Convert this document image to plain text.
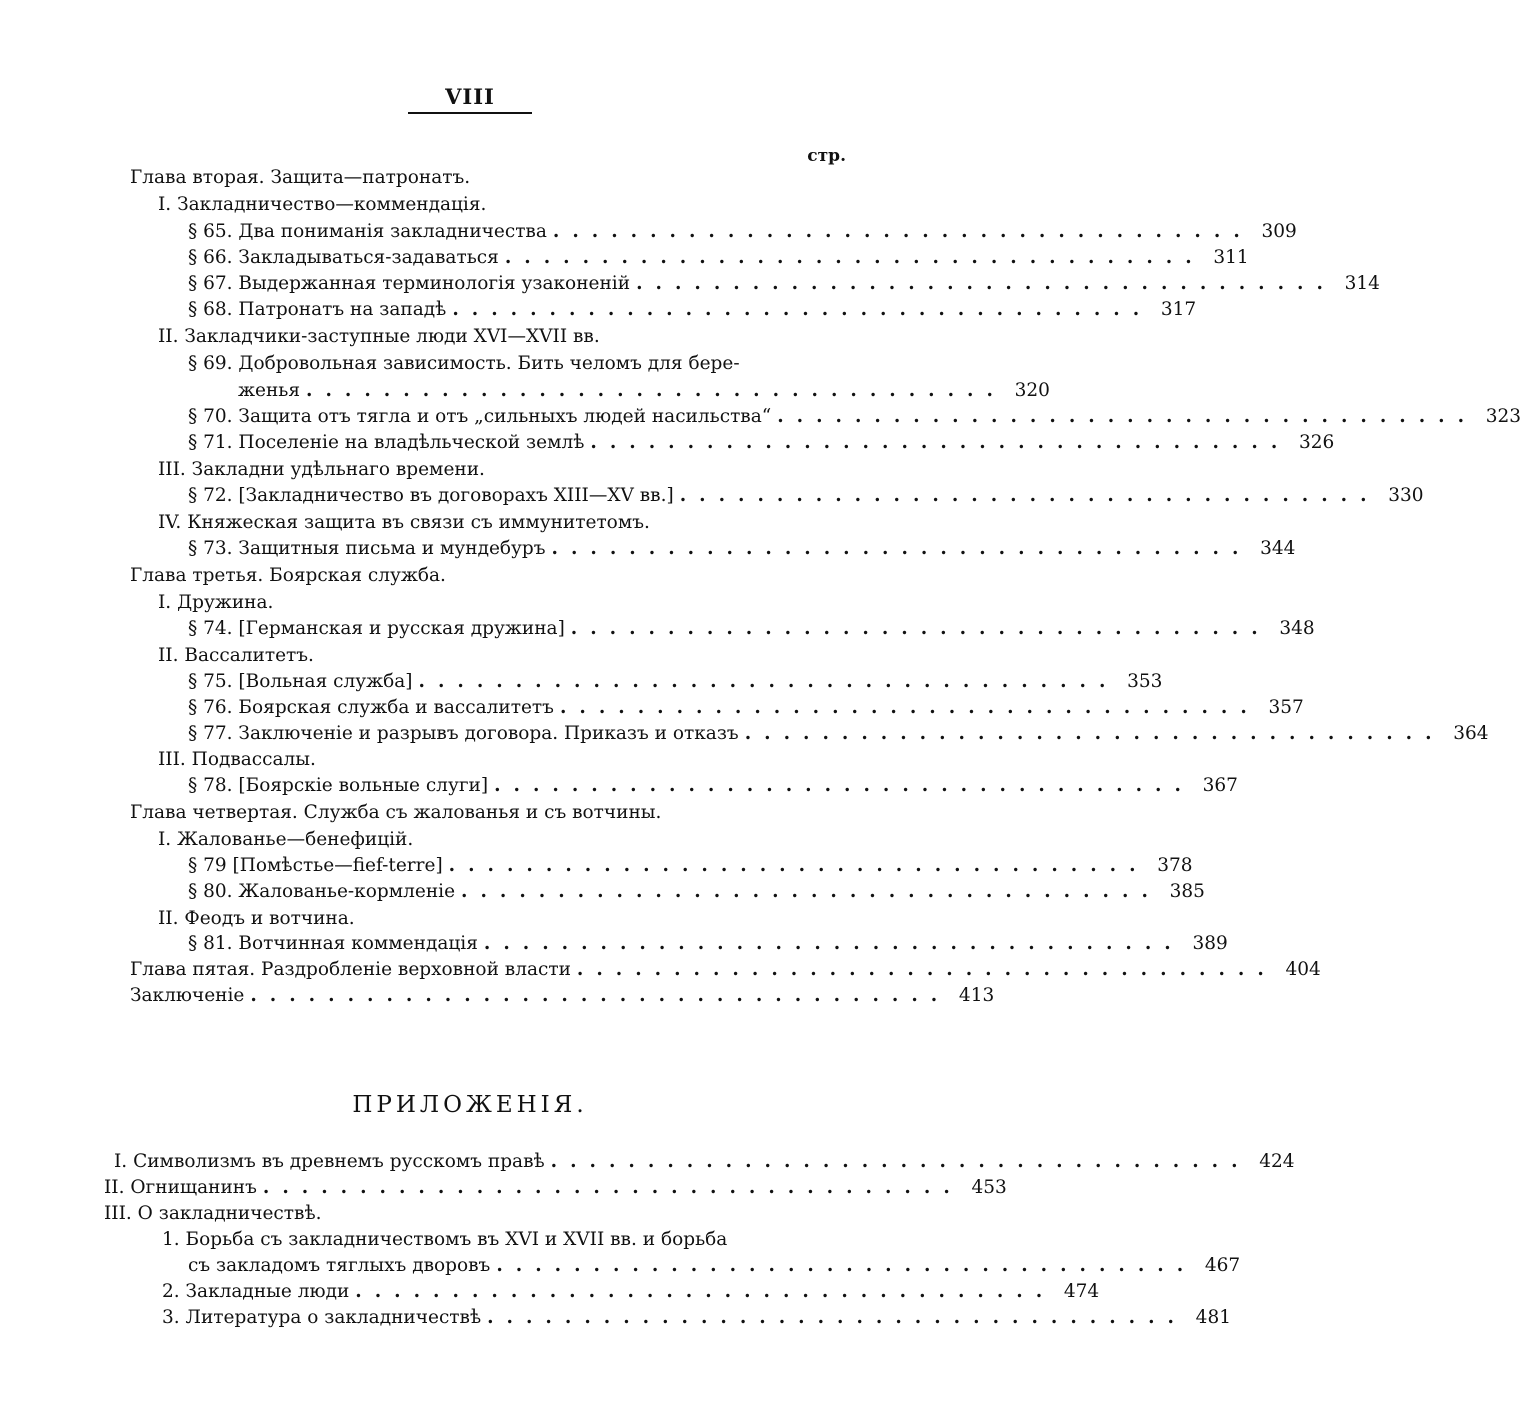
VIII
стр.
Глава вторая. Защита—патронатъ.
I. Закладничество—коммендація.
§ 65. Два пониманія закладничества .................................... 309
§ 66. Закладываться-задаваться .................................... 311
§ 67. Выдержанная терминологія узаконеній .................................... 314
§ 68. Патронатъ на западѣ .................................... 317
II. Закладчики-заступные люди XVI—XVII вв.
§ 69. Добровольная зависимость. Бить челомъ для бере-
женья .................................... 320
§ 70. Защита отъ тягла и отъ „сильныхъ людей насильства“ .................................... 323
§ 71. Поселеніе на владѣльческой землѣ .................................... 326
III. Закладни удѣльнаго времени.
§ 72. [Закладничество въ договорахъ XIII—XV вв.] .................................... 330
IV. Княжеская защита въ связи съ иммунитетомъ.
§ 73. Защитныя письма и мундебуръ .................................... 344
Глава третья. Боярская служба.
I. Дружина.
§ 74. [Германская и русская дружина] .................................... 348
II. Вассалитетъ.
§ 75. [Вольная служба] .................................... 353
§ 76. Боярская служба и вассалитетъ .................................... 357
§ 77. Заключеніе и разрывъ договора. Приказъ и отказъ .................................... 364
III. Подвассалы.
§ 78. [Боярскіе вольные слуги] .................................... 367
Глава четвертая. Служба съ жалованья и съ вотчины.
I. Жалованье—бенефицій.
§ 79 [Помѣстье—fief-terre] .................................... 378
§ 80. Жалованье-кормленіе .................................... 385
II. Феодъ и вотчина.
§ 81. Вотчинная коммендація .................................... 389
Глава пятая. Раздробленіе верховной власти .................................... 404
Заключеніе .................................... 413
ПРИЛОЖЕНІЯ.
I. Символизмъ въ древнемъ русскомъ правѣ .................................... 424
II. Огнищанинъ .................................... 453
III. О закладничествѣ.
1. Борьба съ закладничествомъ въ XVI и XVII вв. и борьба
съ закладомъ тяглыхъ дворовъ .................................... 467
2. Закладные люди .................................... 474
3. Литература о закладничествѣ .................................... 481
